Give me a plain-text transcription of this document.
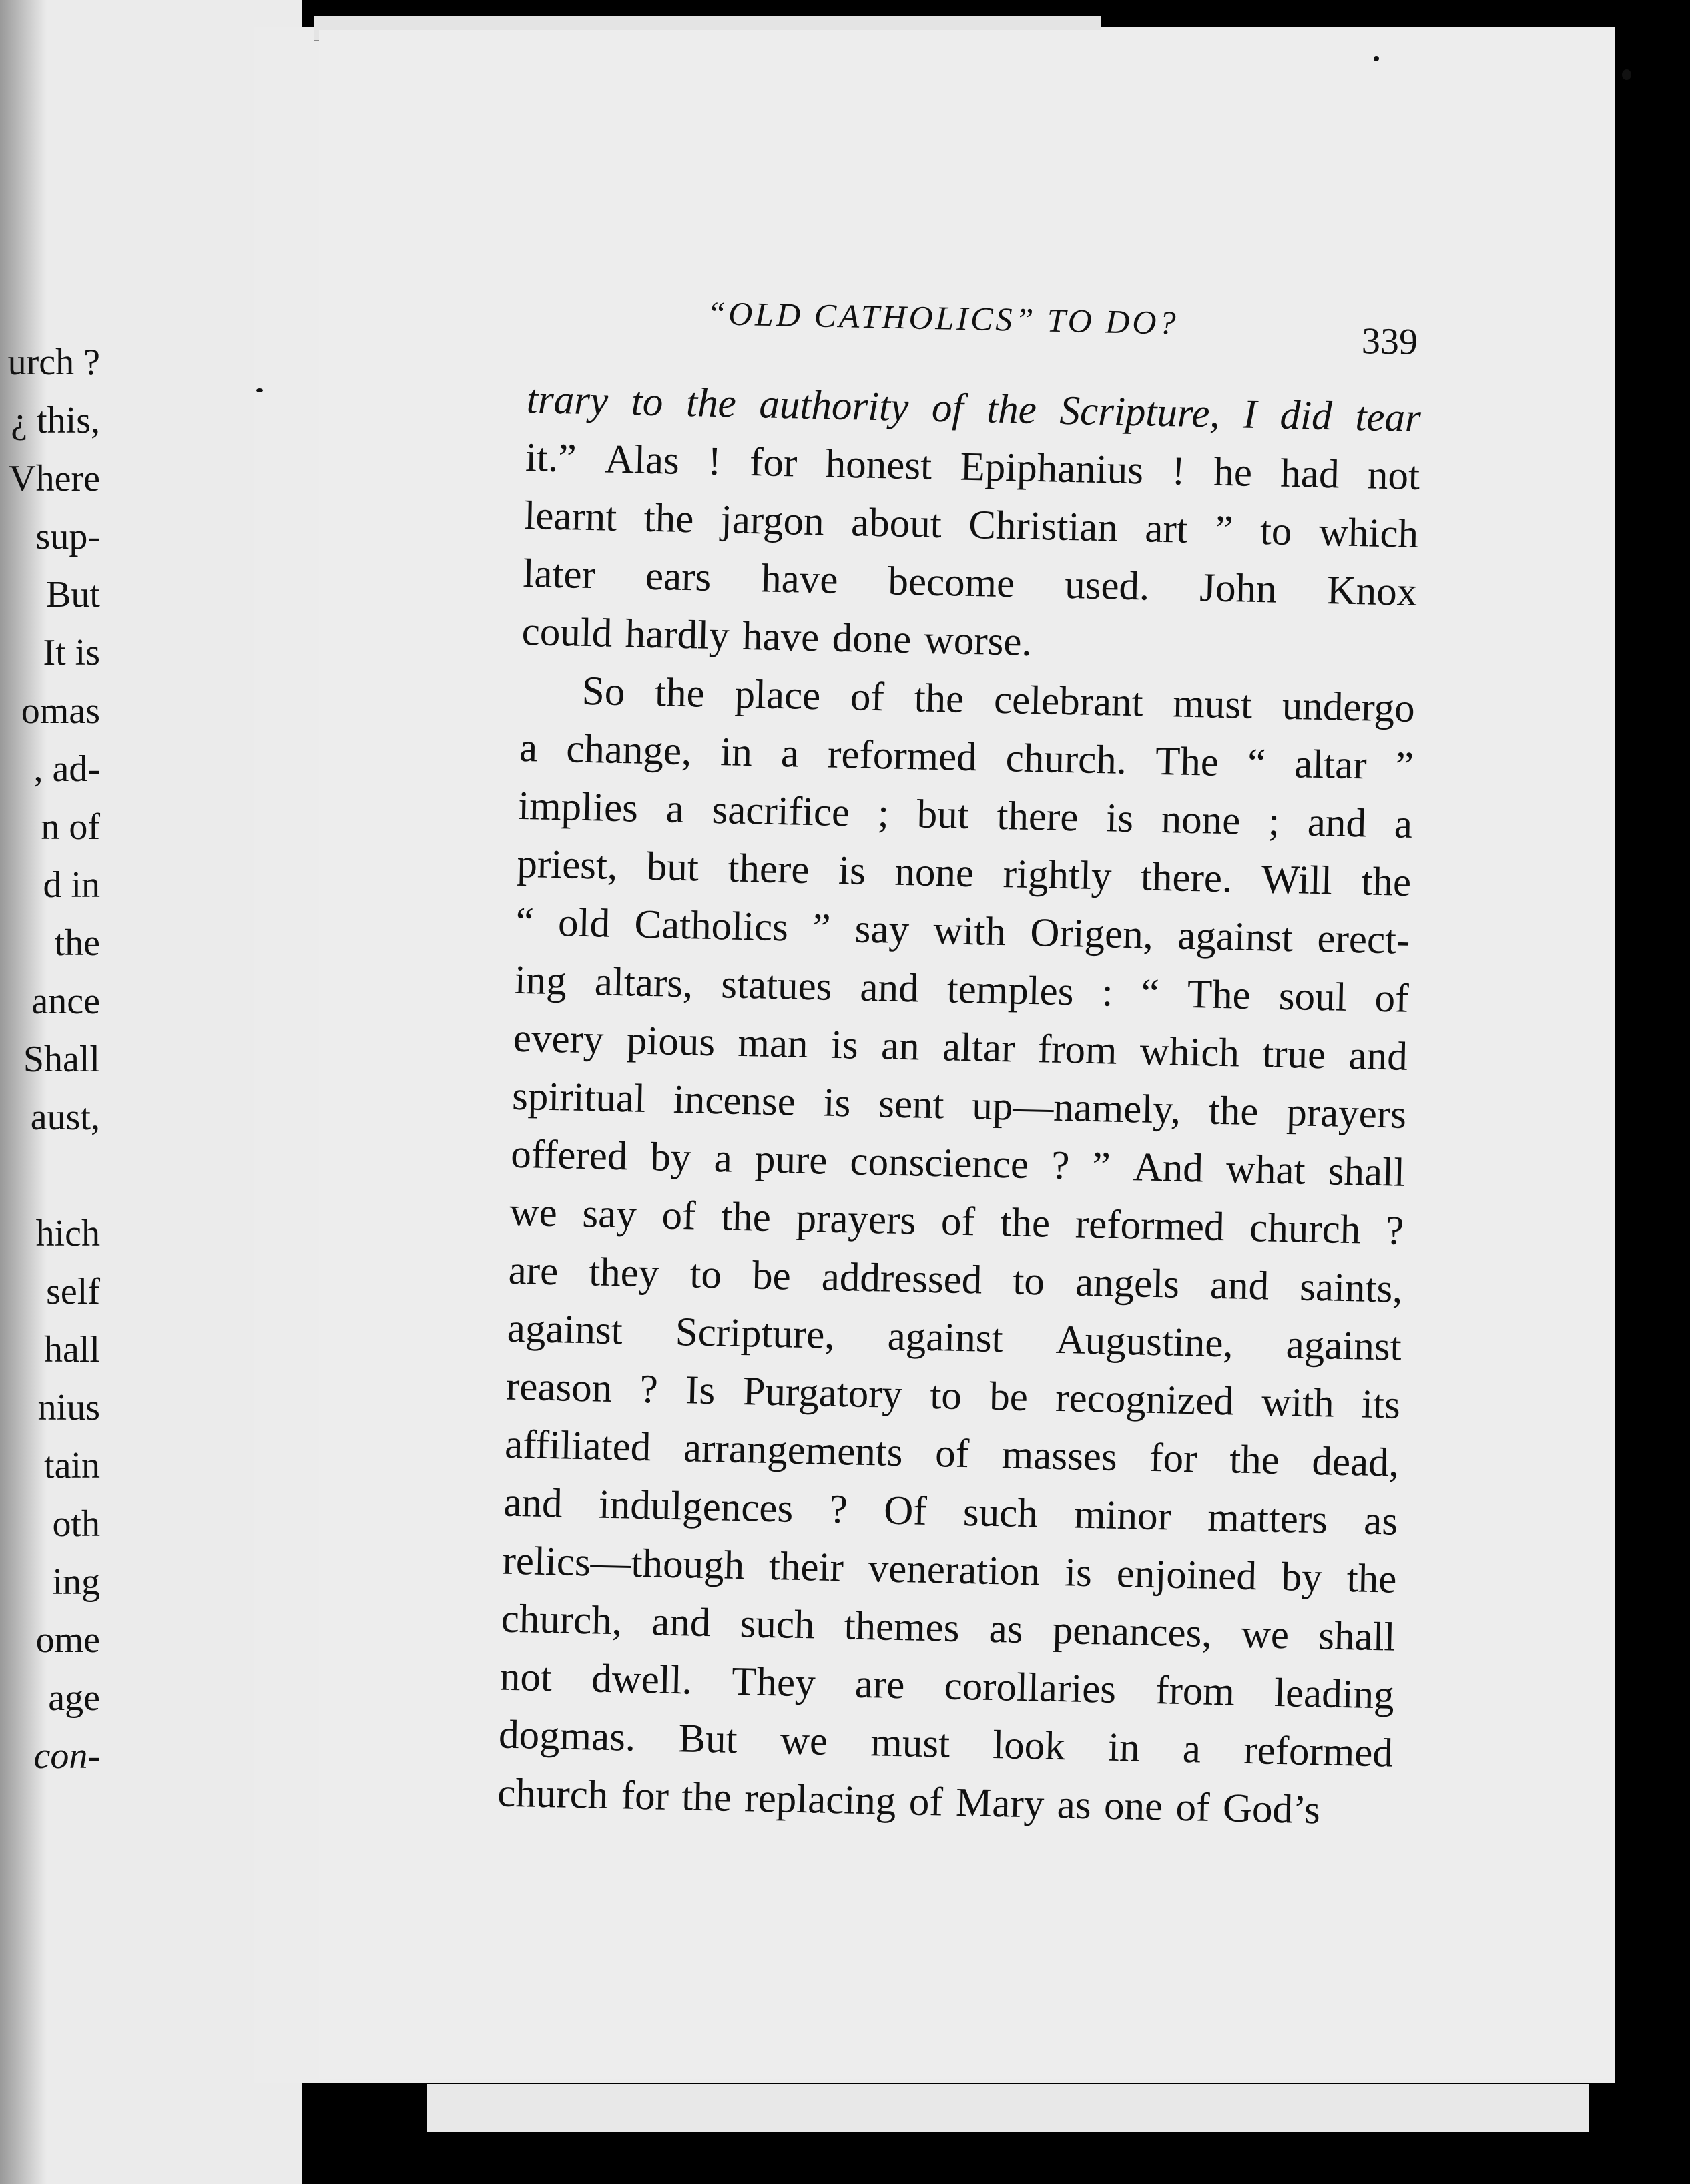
urch ?
¿ this,
Vhere
sup-
But
It is
omas
, ad-
n of
d in
the
ance
Shall
aust,
hich
self
hall
nius
tain
oth
ing
ome
age
con-
“OLD CATHOLICS” TO DO?
339
trary to the authority of the Scripture, I did tear
it.” Alas ! for honest Epiphanius ! he had not
learnt the jargon about Christian art ” to which
later ears have become used. John Knox
could hardly have done worse.
So the place of the celebrant must undergo
a change, in a reformed church. The “ altar ”
implies a sacrifice ; but there is none ; and a
priest, but there is none rightly there. Will the
“ old Catholics ” say with Origen, against erect-
ing altars, statues and temples : “ The soul of
every pious man is an altar from which true and
spiritual incense is sent up—namely, the prayers
offered by a pure conscience ? ” And what shall
we say of the prayers of the reformed church ?
are they to be addressed to angels and saints,
against Scripture, against Augustine, against
reason ? Is Purgatory to be recognized with its
affiliated arrangements of masses for the dead,
and indulgences ? Of such minor matters as
relics—though their veneration is enjoined by the
church, and such themes as penances, we shall
not dwell. They are corollaries from leading
dogmas. But we must look in a reformed
church for the replacing of Mary as one of God’s
